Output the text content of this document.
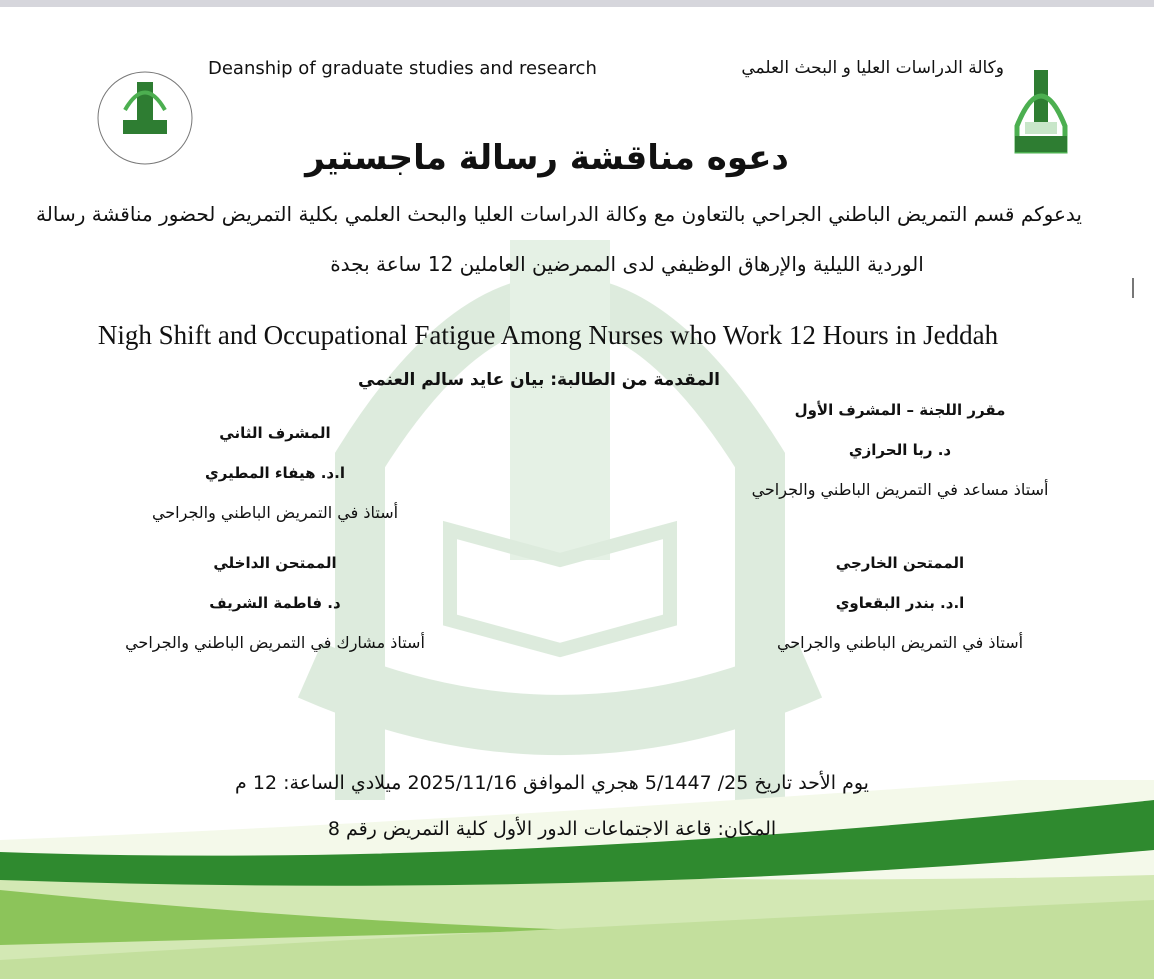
Deanship of graduate studies and research	وكالة الدراسات العليا و البحث العلمي
دعوه مناقشة رسالة ماجستير
يدعوكم قسم التمريض الباطني الجراحي بالتعاون مع وكالة الدراسات العليا والبحث العلمي بكلية التمريض لحضور مناقشة رسالة
الوردية الليلية والإرهاق الوظيفي لدى الممرضين العاملين 12 ساعة بجدة
Nigh Shift and Occupational Fatigue Among Nurses who Work 12 Hours in Jeddah
المقدمة من الطالبة: بيان عايد سالم العنمي
مقرر اللجنة – المشرف الأول
د. ربا الحرازي
أستاذ مساعد في التمريض الباطني والجراحي
المشرف الثاني
ا.د. هيفاء المطيري
أستاذ في التمريض الباطني والجراحي
الممتحن الخارجي
ا.د. بندر البقعاوي
أستاذ في التمريض الباطني والجراحي
الممتحن الداخلي
د. فاطمة الشريف
أستاذ مشارك في التمريض الباطني والجراحي
يوم الأحد تاريخ 25/ 5/1447 هجري الموافق 2025/11/16 ميلادي الساعة: 12 م
المكان: قاعة الاجتماعات الدور الأول كلية التمريض رقم 8
